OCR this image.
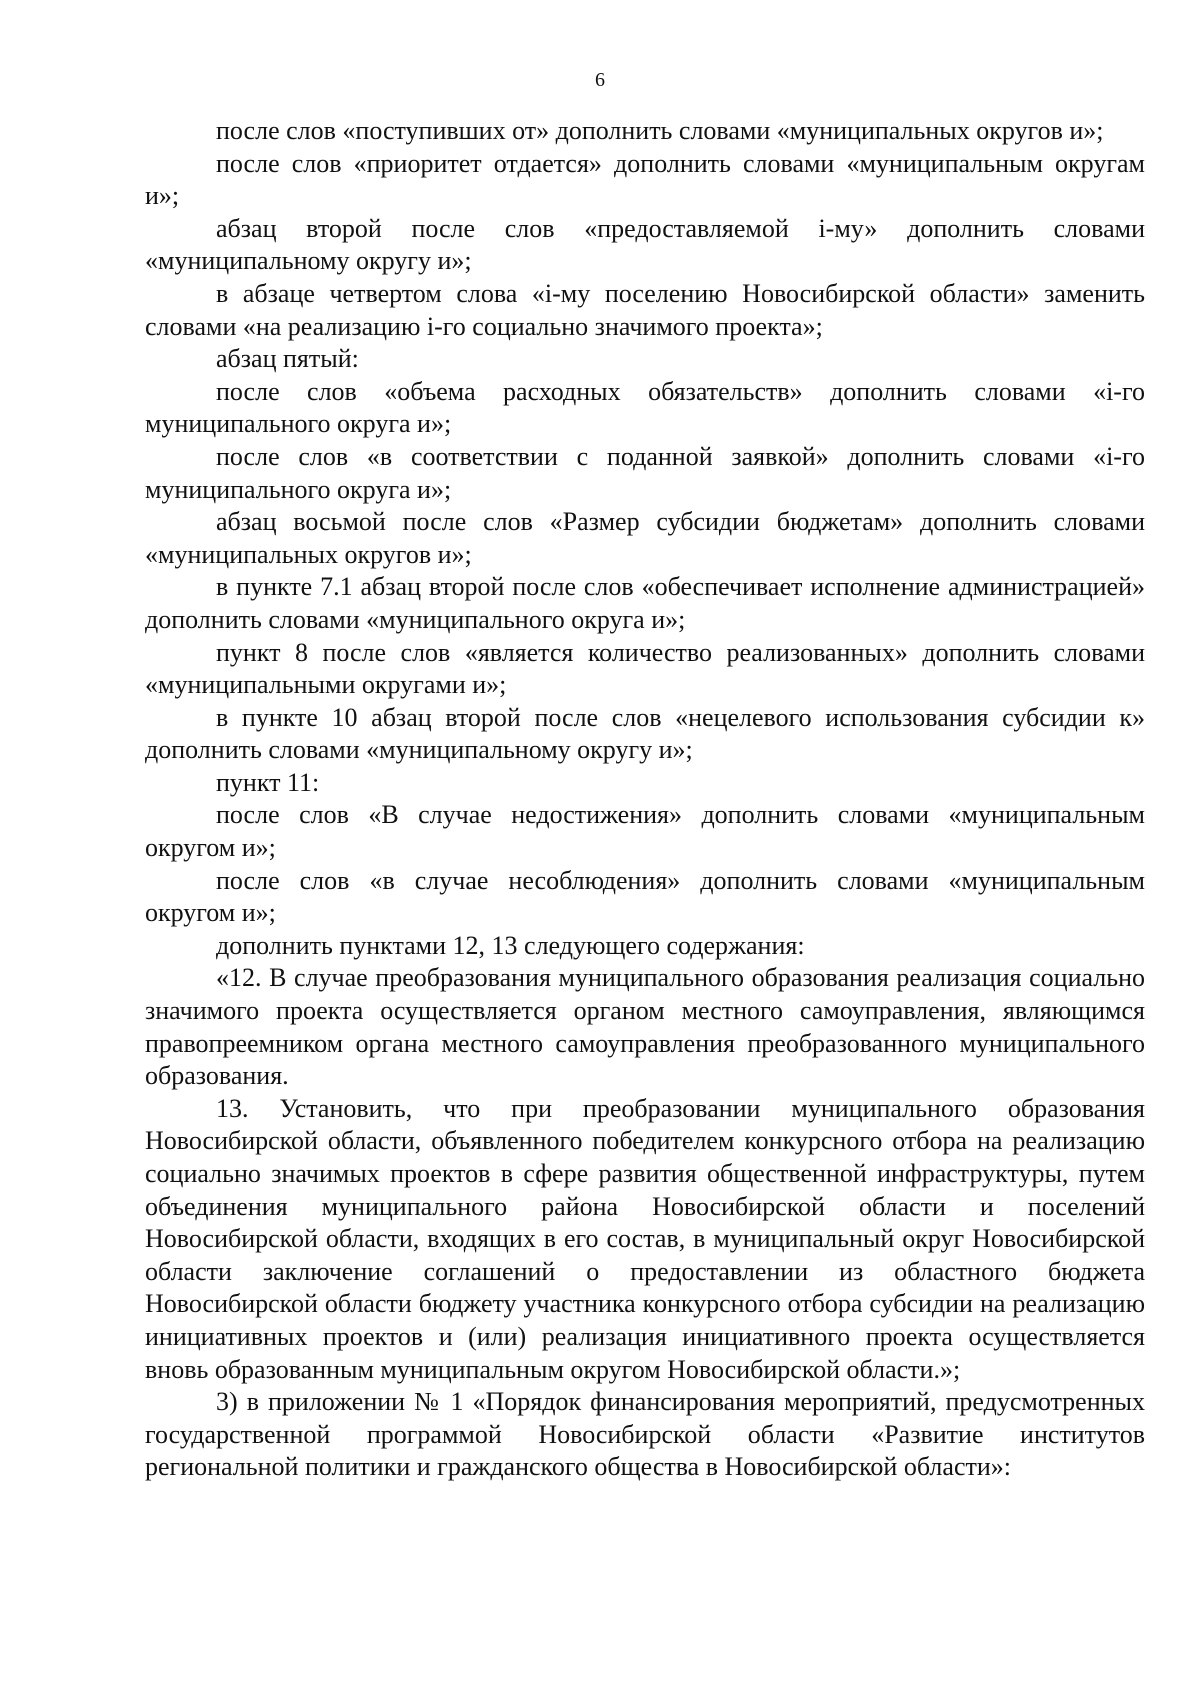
6

после слов «поступивших от» дополнить словами «муниципальных округов и»;

после слов «приоритет отдается» дополнить словами «муниципальным округам и»;

абзац второй после слов «предоставляемой i-му» дополнить словами «муниципальному округу и»;

в абзаце четвертом слова «i-му поселению Новосибирской области» заменить словами «на реализацию i-го социально значимого проекта»;

абзац пятый:

после слов «объема расходных обязательств» дополнить словами «i-го муниципального округа и»;

после слов «в соответствии с поданной заявкой» дополнить словами «i-го муниципального округа и»;

абзац восьмой после слов «Размер субсидии бюджетам» дополнить словами «муниципальных округов и»;

в пункте 7.1 абзац второй после слов «обеспечивает исполнение администрацией» дополнить словами «муниципального округа и»;

пункт 8 после слов «является количество реализованных» дополнить словами «муниципальными округами и»;

в пункте 10 абзац второй после слов «нецелевого использования субсидии к» дополнить словами «муниципальному округу и»;

пункт 11:

после слов «В случае недостижения» дополнить словами «муниципальным округом и»;

после слов «в случае несоблюдения» дополнить словами «муниципальным округом и»;

дополнить пунктами 12, 13 следующего содержания:

«12. В случае преобразования муниципального образования реализация социально значимого проекта осуществляется органом местного самоуправления, являющимся правопреемником органа местного самоуправления преобразованного муниципального образования.

13. Установить, что при преобразовании муниципального образования Новосибирской области, объявленного победителем конкурсного отбора на реализацию социально значимых проектов в сфере развития общественной инфраструктуры, путем объединения муниципального района Новосибирской области и поселений Новосибирской области, входящих в его состав, в муниципальный округ Новосибирской области заключение соглашений о предоставлении из областного бюджета Новосибирской области бюджету участника конкурсного отбора субсидии на реализацию инициативных проектов и (или) реализация инициативного проекта осуществляется вновь образованным муниципальным округом Новосибирской области.»;

3) в приложении № 1 «Порядок финансирования мероприятий, предусмотренных государственной программой Новосибирской области «Развитие институтов региональной политики и гражданского общества в Новосибирской области»:
